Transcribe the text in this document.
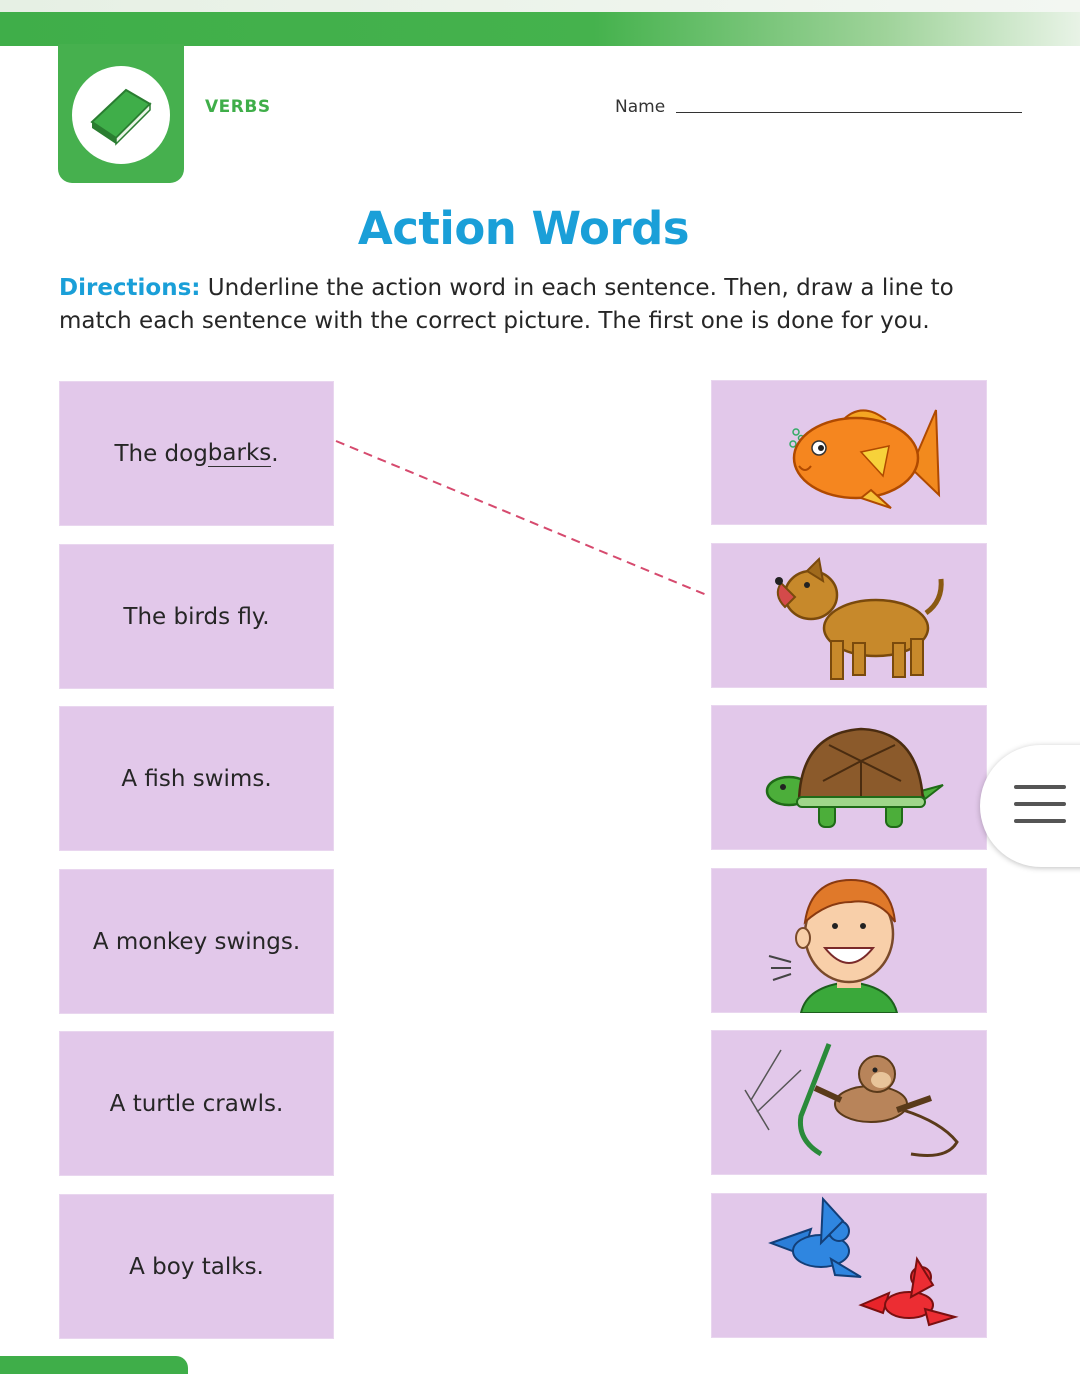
VERBS	Name
Action Words
Directions: Underline the action word in each sentence. Then, draw a line to match each sentence with the correct picture. The first one is done for you.
The dog barks .
The birds fly.
A fish swims.
A monkey swings.
A turtle crawls.
A boy talks.
